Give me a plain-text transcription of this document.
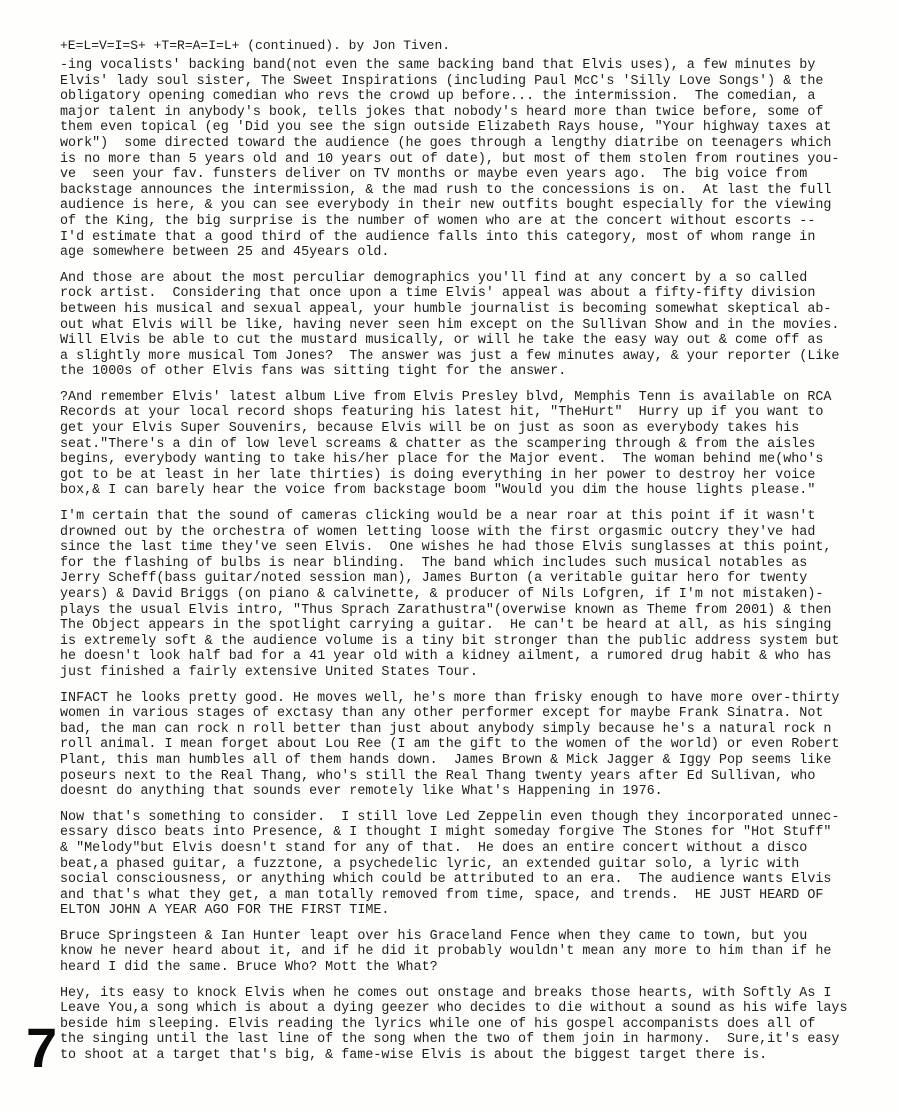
+E=L=V=I=S+ +T=R=A=I=L+ (continued). by Jon Tiven.
-ing vocalists' backing band(not even the same backing band that Elvis uses), a few minutes by
Elvis' lady soul sister, The Sweet Inspirations (including Paul McC's 'Silly Love Songs') & the
obligatory opening comedian who revs the crowd up before... the intermission.  The comedian, a
major talent in anybody's book, tells jokes that nobody's heard more than twice before, some of
them even topical (eg 'Did you see the sign outside Elizabeth Rays house, "Your highway taxes at
work")  some directed toward the audience (he goes through a lengthy diatribe on teenagers which
is no more than 5 years old and 10 years out of date), but most of them stolen from routines you-
ve  seen your fav. funsters deliver on TV months or maybe even years ago.  The big voice from
backstage announces the intermission, & the mad rush to the concessions is on.  At last the full
audience is here, & you can see everybody in their new outfits bought especially for the viewing
of the King, the big surprise is the number of women who are at the concert without escorts --
I'd estimate that a good third of the audience falls into this category, most of whom range in
age somewhere between 25 and 45years old.
And those are about the most perculiar demographics you'll find at any concert by a so called
rock artist.  Considering that once upon a time Elvis' appeal was about a fifty-fifty division
between his musical and sexual appeal, your humble journalist is becoming somewhat skeptical ab-
out what Elvis will be like, having never seen him except on the Sullivan Show and in the movies.
Will Elvis be able to cut the mustard musically, or will he take the easy way out & come off as
a slightly more musical Tom Jones?  The answer was just a few minutes away, & your reporter (Like
the 1000s of other Elvis fans was sitting tight for the answer.
?And remember Elvis' latest album Live from Elvis Presley blvd, Memphis Tenn is available on RCA
Records at your local record shops featuring his latest hit, "TheHurt"  Hurry up if you want to
get your Elvis Super Souvenirs, because Elvis will be on just as soon as everybody takes his
seat."There's a din of low level screams & chatter as the scampering through & from the aisles
begins, everybody wanting to take his/her place for the Major event.  The woman behind me(who's
got to be at least in her late thirties) is doing everything in her power to destroy her voice
box,& I can barely hear the voice from backstage boom "Would you dim the house lights please."
I'm certain that the sound of cameras clicking would be a near roar at this point if it wasn't
drowned out by the orchestra of women letting loose with the first orgasmic outcry they've had
since the last time they've seen Elvis.  One wishes he had those Elvis sunglasses at this point,
for the flashing of bulbs is near blinding.  The band which includes such musical notables as
Jerry Scheff(bass guitar/noted session man), James Burton (a veritable guitar hero for twenty
years) & David Briggs (on piano & calvinette, & producer of Nils Lofgren, if I'm not mistaken)-
plays the usual Elvis intro, "Thus Sprach Zarathustra"(overwise known as Theme from 2001) & then
The Object appears in the spotlight carrying a guitar.  He can't be heard at all, as his singing
is extremely soft & the audience volume is a tiny bit stronger than the public address system but
he doesn't look half bad for a 41 year old with a kidney ailment, a rumored drug habit & who has
just finished a fairly extensive United States Tour.
INFACT he looks pretty good. He moves well, he's more than frisky enough to have more over-thirty
women in various stages of exctasy than any other performer except for maybe Frank Sinatra. Not
bad, the man can rock n roll better than just about anybody simply because he's a natural rock n
roll animal. I mean forget about Lou Ree (I am the gift to the women of the world) or even Robert
Plant, this man humbles all of them hands down.  James Brown & Mick Jagger & Iggy Pop seems like
poseurs next to the Real Thang, who's still the Real Thang twenty years after Ed Sullivan, who
doesnt do anything that sounds ever remotely like What's Happening in 1976.
Now that's something to consider.  I still love Led Zeppelin even though they incorporated unnec-
essary disco beats into Presence, & I thought I might someday forgive The Stones for "Hot Stuff"
& "Melody"but Elvis doesn't stand for any of that.  He does an entire concert without a disco
beat,a phased guitar, a fuzztone, a psychedelic lyric, an extended guitar solo, a lyric with
social consciousness, or anything which could be attributed to an era.  The audience wants Elvis
and that's what they get, a man totally removed from time, space, and trends.  HE JUST HEARD OF
ELTON JOHN A YEAR AGO FOR THE FIRST TIME.
Bruce Springsteen & Ian Hunter leapt over his Graceland Fence when they came to town, but you
know he never heard about it, and if he did it probably wouldn't mean any more to him than if he
heard I did the same. Bruce Who? Mott the What?
Hey, its easy to knock Elvis when he comes out onstage and breaks those hearts, with Softly As I
Leave You,a song which is about a dying geezer who decides to die without a sound as his wife lays
beside him sleeping. Elvis reading the lyrics while one of his gospel accompanists does all of
the singing until the last line of the song when the two of them join in harmony.  Sure,it's easy
to shoot at a target that's big, & fame-wise Elvis is about the biggest target there is.
7
